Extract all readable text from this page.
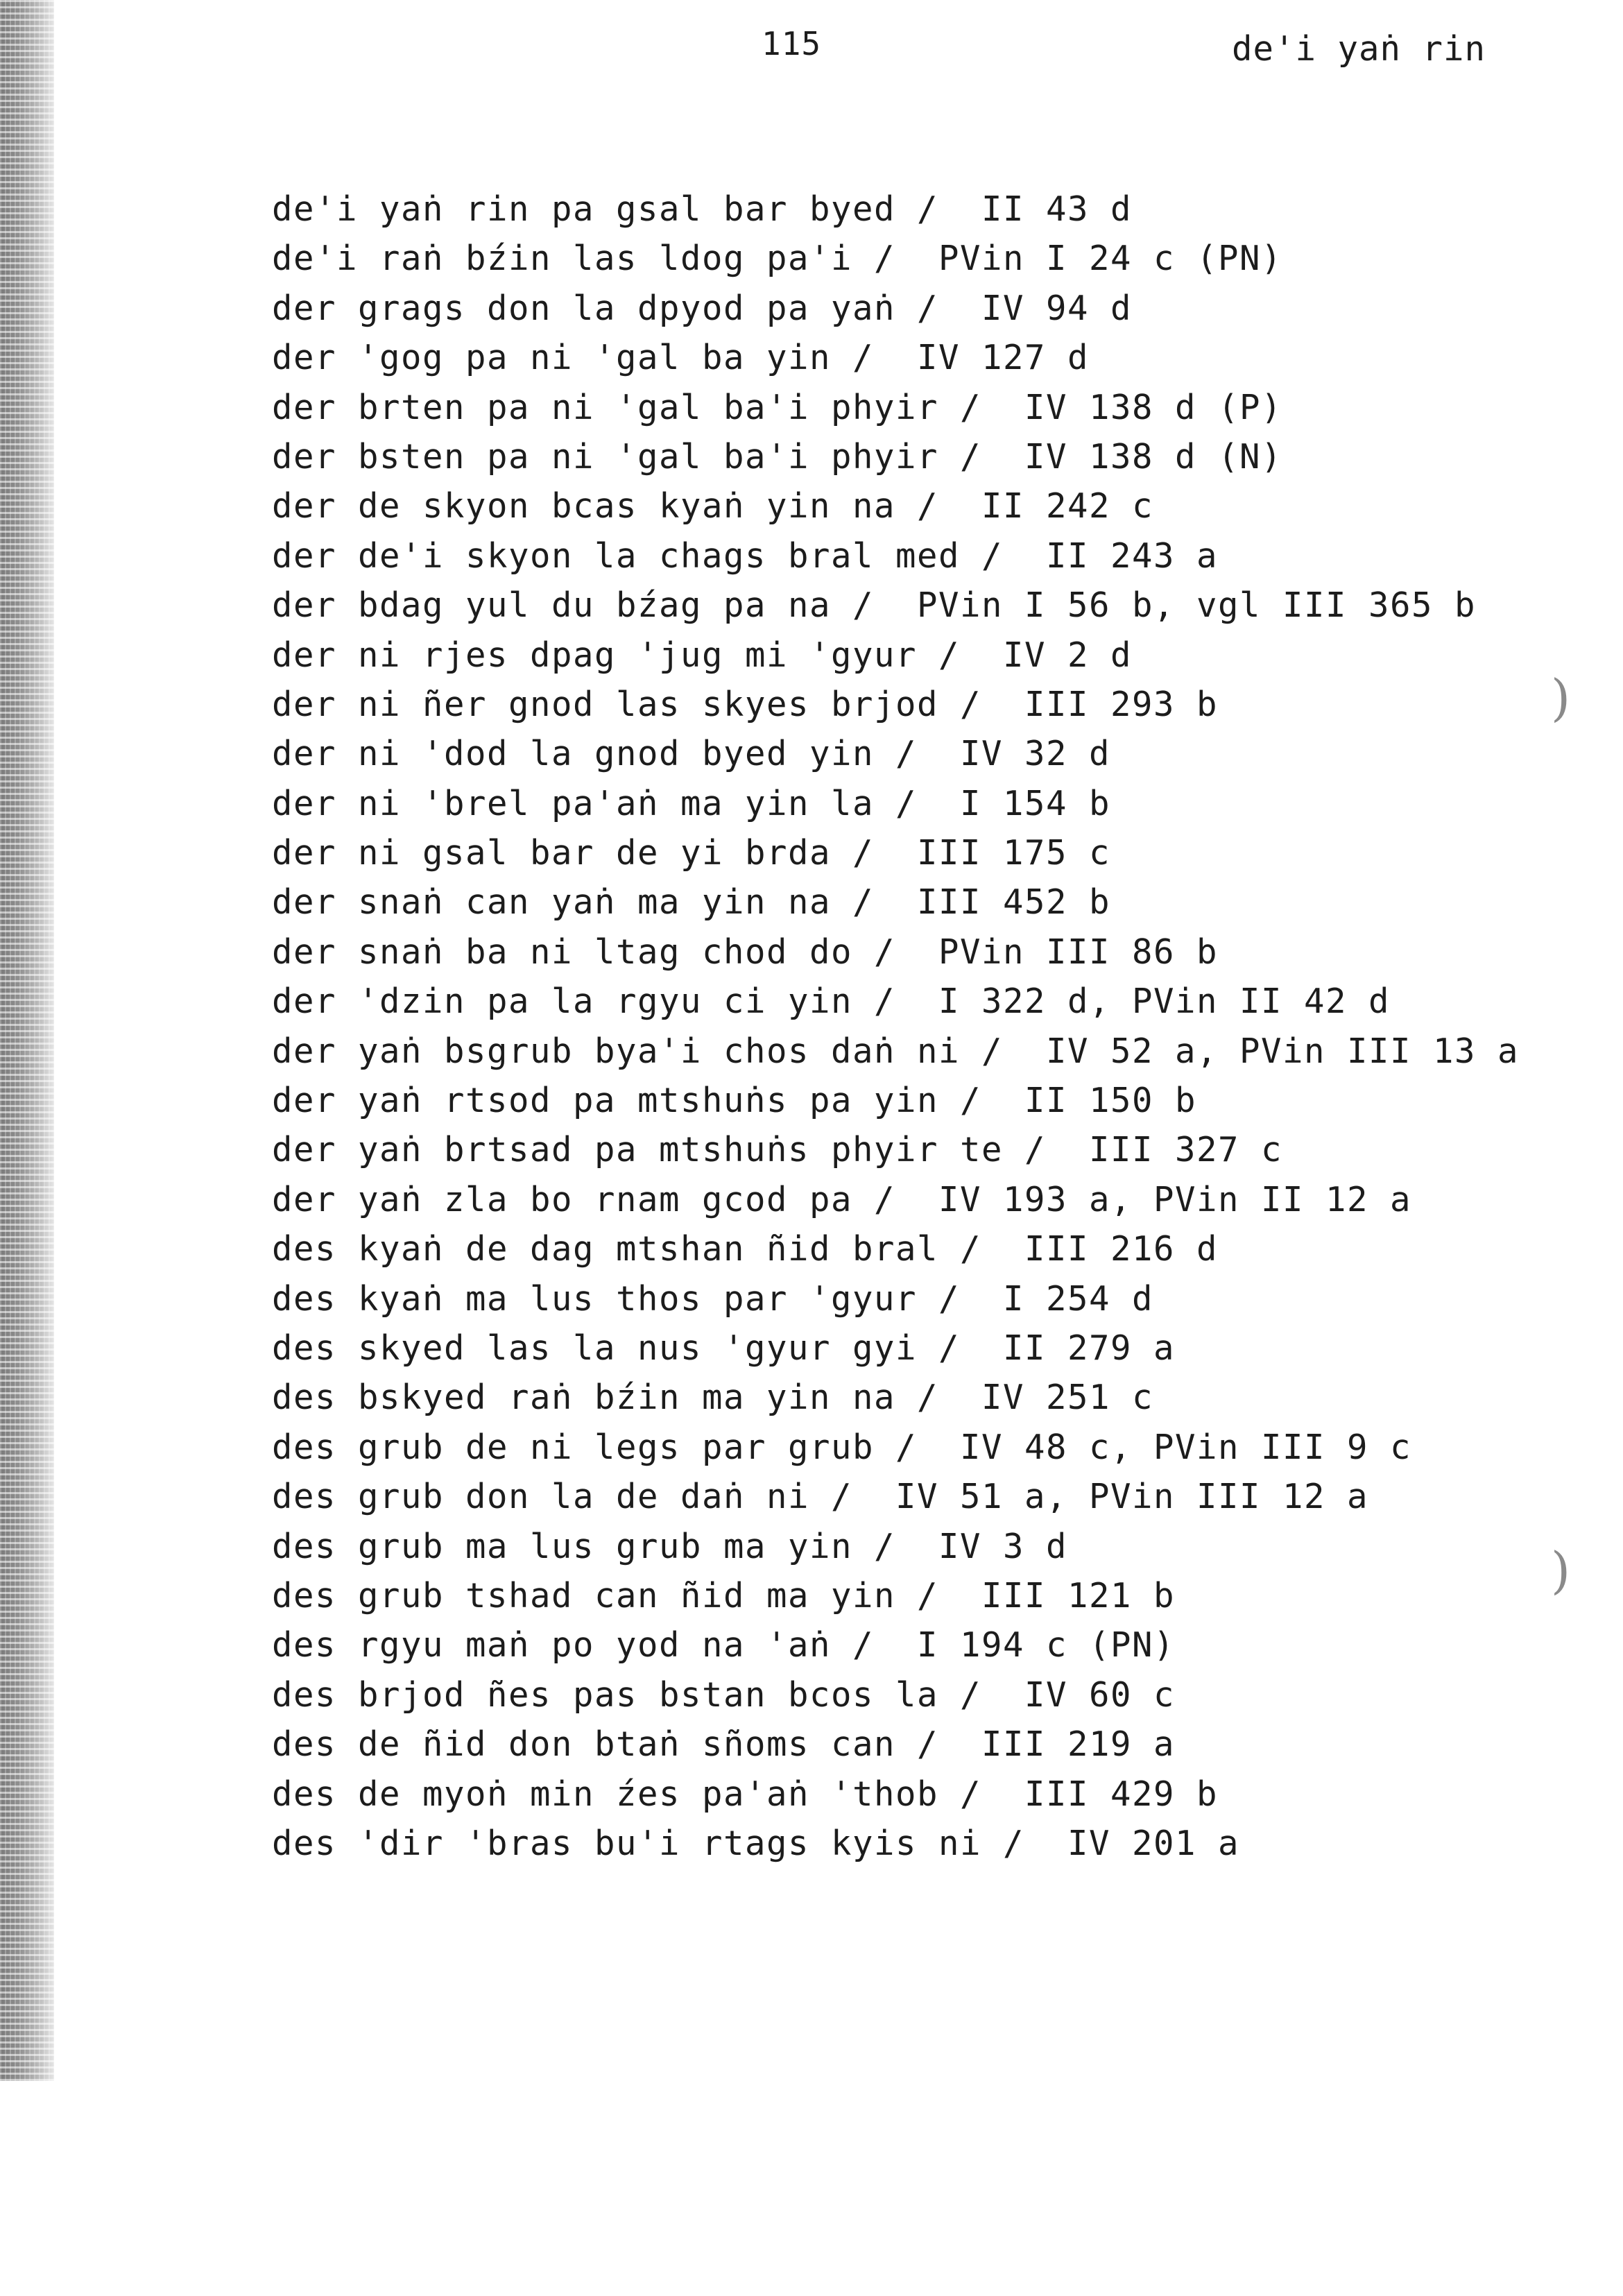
115	de'i yaṅ rin
de'i yaṅ rin pa gsal bar byed /  II 43 d
de'i raṅ bźin las ldog pa'i /  PVin I 24 c (PN)
der grags don la dpyod pa yaṅ /  IV 94 d
der 'gog pa ni 'gal ba yin /  IV 127 d
der brten pa ni 'gal ba'i phyir /  IV 138 d (P)
der bsten pa ni 'gal ba'i phyir /  IV 138 d (N)
der de skyon bcas kyaṅ yin na /  II 242 c
der de'i skyon la chags bral med /  II 243 a
der bdag yul du bźag pa na /  PVin I 56 b, vgl III 365 b
der ni rjes dpag 'jug mi 'gyur /  IV 2 d
der ni ñer gnod las skyes brjod /  III 293 b
der ni 'dod la gnod byed yin /  IV 32 d
der ni 'brel pa'aṅ ma yin la /  I 154 b
der ni gsal bar de yi brda /  III 175 c
der snaṅ can yaṅ ma yin na /  III 452 b
der snaṅ ba ni ltag chod do /  PVin III 86 b
der 'dzin pa la rgyu ci yin /  I 322 d, PVin II 42 d
der yaṅ bsgrub bya'i chos daṅ ni /  IV 52 a, PVin III 13 a
der yaṅ rtsod pa mtshuṅs pa yin /  II 150 b
der yaṅ brtsad pa mtshuṅs phyir te /  III 327 c
der yaṅ zla bo rnam gcod pa /  IV 193 a, PVin II 12 a
des kyaṅ de dag mtshan ñid bral /  III 216 d
des kyaṅ ma lus thos par 'gyur /  I 254 d
des skyed las la nus 'gyur gyi /  II 279 a
des bskyed raṅ bźin ma yin na /  IV 251 c
des grub de ni legs par grub /  IV 48 c, PVin III 9 c
des grub don la de daṅ ni /  IV 51 a, PVin III 12 a
des grub ma lus grub ma yin /  IV 3 d
des grub tshad can ñid ma yin /  III 121 b
des rgyu maṅ po yod na 'aṅ /  I 194 c (PN)
des brjod ñes pas bstan bcos la /  IV 60 c
des de ñid don btaṅ sñoms can /  III 219 a
des de myoṅ min źes pa'aṅ 'thob /  III 429 b
des 'dir 'bras bu'i rtags kyis ni /  IV 201 a
)
)
